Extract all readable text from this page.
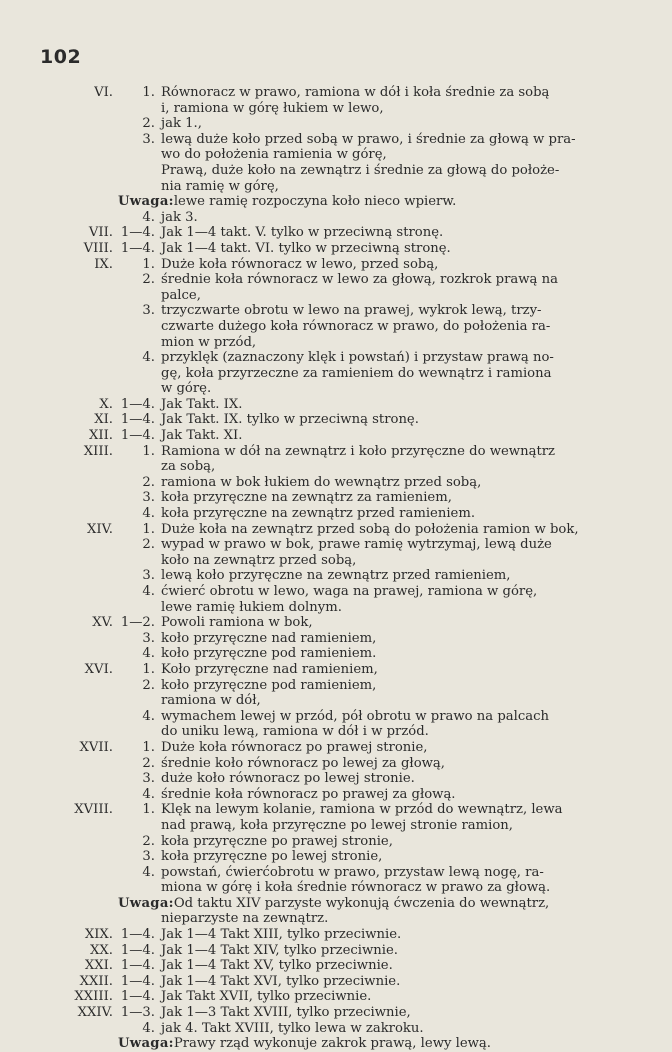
102
VI.	1. Równoracz w prawo, ramiona w dół i koła średnie za sobą
i, ramiona w górę łukiem w lewo,
2. jak 1.,
3. lewą duże koło przed sobą w prawo, i średnie za głową w pra-
wo do położenia ramienia w górę,
Prawą, duże koło na zewnątrz i średnie za głową do położe-
nia ramię w górę,
Uwaga: lewe ramię rozpoczyna koło nieco wpierw.
4. jak 3.
VII. 1—4. Jak 1—4 takt. V. tylko w przeciwną stronę.
VIII. 1—4. Jak 1—4 takt. VI. tylko w przeciwną stronę.
IX.	1. Duże koła równoracz w lewo, przed sobą,
2. średnie koła równoracz w lewo za głową, rozkrok prawą na
palce,
3. trzyczwarte obrotu w lewo na prawej, wykrok lewą, trzy-
czwarte dużego koła równoracz w prawo, do położenia ra-
mion w przód,
4. przyklęk (zaznaczony klęk i powstań) i przystaw prawą no-
gę, koła przyrzeczne za ramieniem do wewnątrz i ramiona
w górę.
X. 1—4. Jak Takt. IX.
XI. 1—4. Jak Takt. IX. tylko w przeciwną stronę.
XII. 1—4. Jak Takt. XI.
XIII.	1. Ramiona w dół na zewnątrz i koło przyręczne do wewnątrz
za sobą,
2. ramiona w bok łukiem do wewnątrz przed sobą,
3. koła przyręczne na zewnątrz za ramieniem,
4. koła przyręczne na zewnątrz przed ramieniem.
XIV.	1. Duże koła na zewnątrz przed sobą do położenia ramion w bok,
2. wypad w prawo w bok, prawe ramię wytrzymaj, lewą duże
koło na zewnątrz przed sobą,
3. lewą koło przyręczne na zewnątrz przed ramieniem,
4. ćwierć obrotu w lewo, waga na prawej, ramiona w górę,
lewe ramię łukiem dolnym.
XV. 1—2. Powoli ramiona w bok,
3. koło przyręczne nad ramieniem,
4. koło przyręczne pod ramieniem.
XVI.	1. Koło przyręczne nad ramieniem,
2. koło przyręczne pod ramieniem,
ramiona w dół,
4. wymachem lewej w przód, pół obrotu w prawo na palcach
do uniku lewą, ramiona w dół i w przód.
XVII.	1. Duże koła równoracz po prawej stronie,
2. średnie koło równoracz po lewej za głową,
3. duże koło równoracz po lewej stronie.
4. średnie koła równoracz po prawej za głową.
XVIII.	1. Klęk na lewym kolanie, ramiona w przód do wewnątrz, lewa
nad prawą, koła przyręczne po lewej stronie ramion,
2. koła przyręczne po prawej stronie,
3. koła przyręczne po lewej stronie,
4. powstań, ćwierćobrotu w prawo, przystaw lewą nogę, ra-
miona w górę i koła średnie równoracz w prawo za głową.
Uwaga: Od taktu XIV parzyste wykonują ćwczenia do wewnątrz,
nieparzyste na zewnątrz.
XIX. 1—4. Jak 1—4 Takt XIII, tylko przeciwnie.
XX. 1—4. Jak 1—4 Takt XIV, tylko przeciwnie.
XXI. 1—4. Jak 1—4 Takt XV, tylko przeciwnie.
XXII. 1—4. Jak 1—4 Takt XVI, tylko przeciwnie.
XXIII. 1—4. Jak Takt XVII, tylko przeciwnie.
XXIV. 1—3. Jak 1—3 Takt XVIII, tylko przeciwnie,
4. jak 4. Takt XVIII, tylko lewa w zakroku.
Uwaga: Prawy rząd wykonuje zakrok prawą, lewy lewą.
